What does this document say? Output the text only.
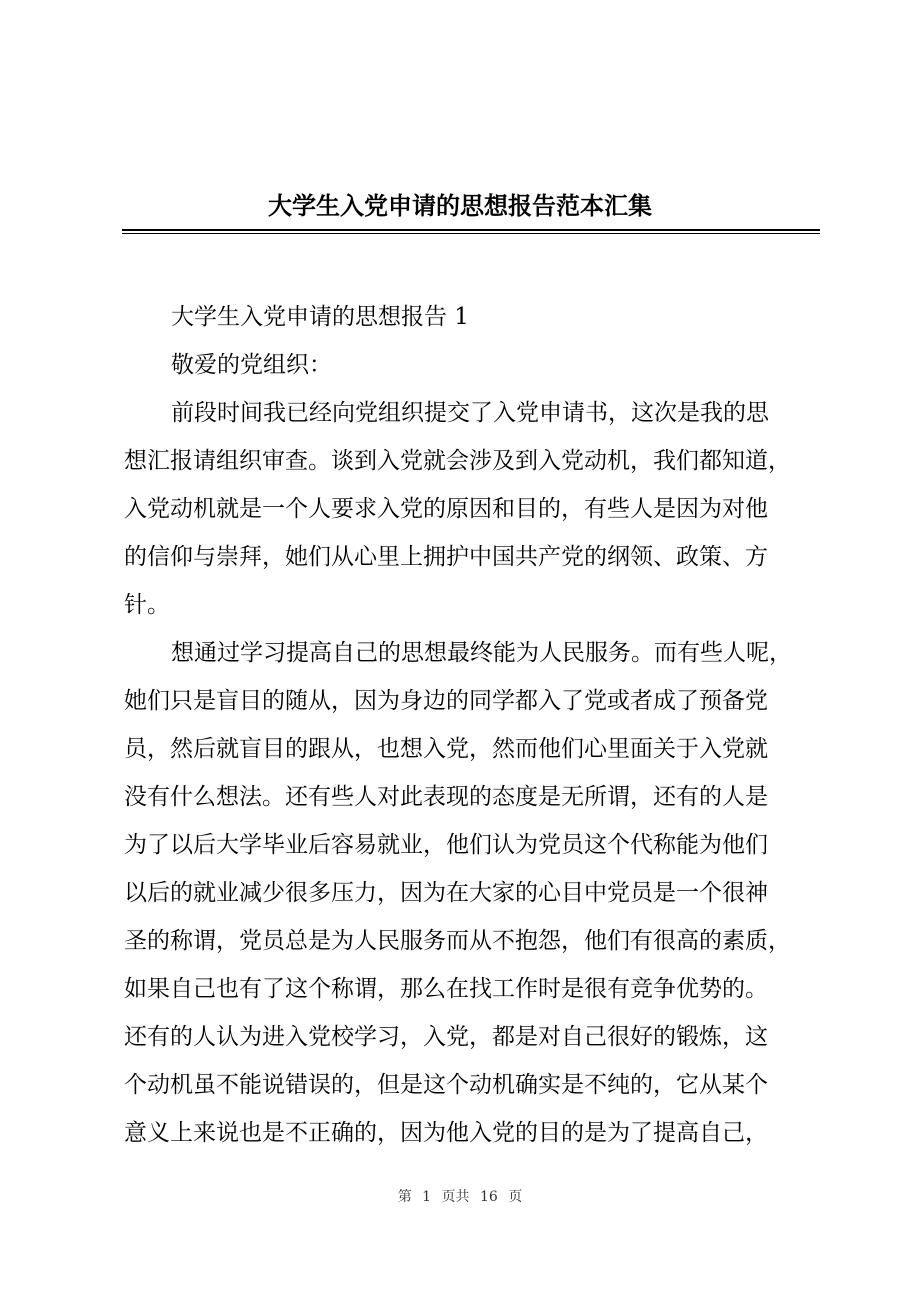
大学生入党申请的思想报告范本汇集
大学生入党申请的思想报告 1
敬爱的党组织：
前段时间我已经向党组织提交了入党申请书，这次是我的思
想汇报请组织审查。谈到入党就会涉及到入党动机，我们都知道，
入党动机就是一个人要求入党的原因和目的，有些人是因为对他
的信仰与崇拜，她们从心里上拥护中国共产党的纲领、政策、方
针。
想通过学习提高自己的思想最终能为人民服务。而有些人呢，
她们只是盲目的随从，因为身边的同学都入了党或者成了预备党
员，然后就盲目的跟从，也想入党，然而他们心里面关于入党就
没有什么想法。还有些人对此表现的态度是无所谓，还有的人是
为了以后大学毕业后容易就业，他们认为党员这个代称能为他们
以后的就业减少很多压力，因为在大家的心目中党员是一个很神
圣的称谓，党员总是为人民服务而从不抱怨，他们有很高的素质，
如果自己也有了这个称谓，那么在找工作时是很有竞争优势的。
还有的人认为进入党校学习，入党，都是对自己很好的锻炼，这
个动机虽不能说错误的，但是这个动机确实是不纯的，它从某个
意义上来说也是不正确的，因为他入党的目的是为了提高自己，
第 1 页共 16 页
